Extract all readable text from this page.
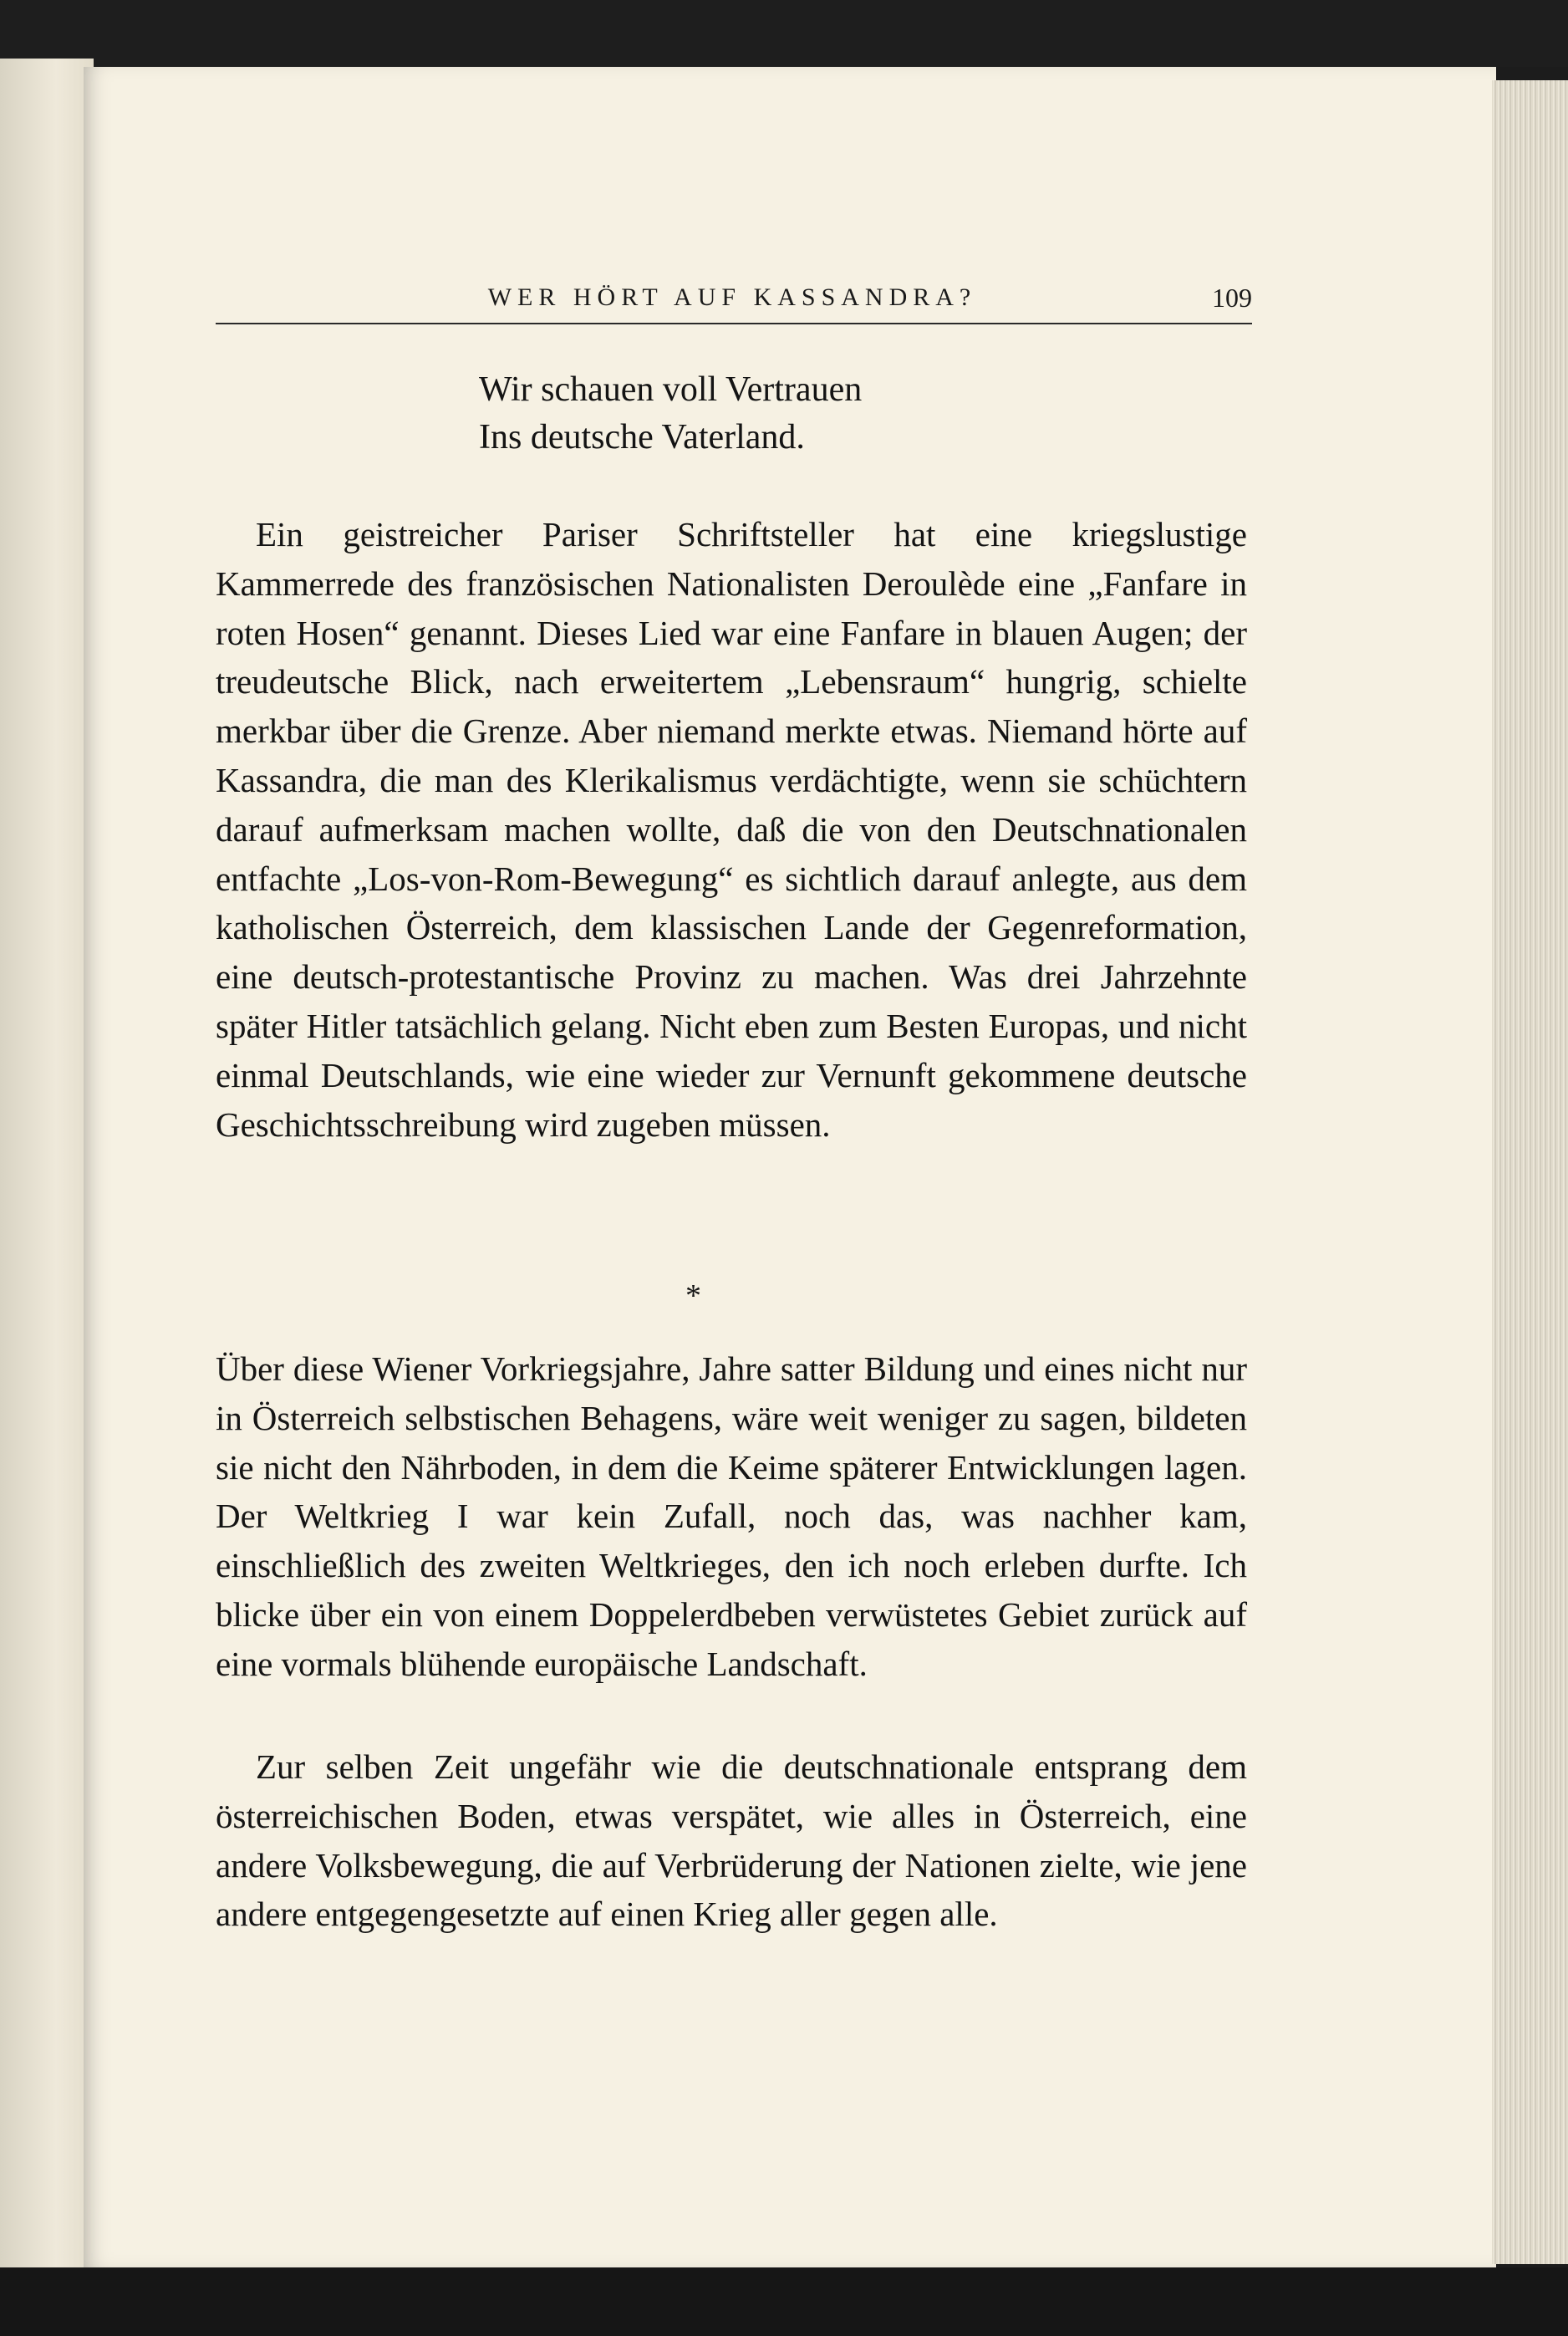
WER HÖRT AUF KASSANDRA?	109
Wir schauen voll Vertrauen
Ins deutsche Vaterland.

Ein geistreicher Pariser Schriftsteller hat eine kriegslustige Kammerrede des französischen Nationalisten Deroulède eine „Fanfare in roten Hosen“ genannt. Dieses Lied war eine Fanfare in blauen Augen; der treudeutsche Blick, nach erweitertem „Lebensraum“ hungrig, schielte merkbar über die Grenze. Aber niemand merkte etwas. Niemand hörte auf Kassandra, die man des Klerikalismus verdächtigte, wenn sie schüchtern darauf aufmerksam machen wollte, daß die von den Deutschnationalen entfachte „Los-von-Rom-Bewegung“ es sichtlich darauf anlegte, aus dem katholischen Österreich, dem klassischen Lande der Gegenreformation, eine deutsch-protestantische Provinz zu machen. Was drei Jahrzehnte später Hitler tatsächlich gelang. Nicht eben zum Besten Europas, und nicht einmal Deutschlands, wie eine wieder zur Vernunft gekommene deutsche Geschichtsschreibung wird zugeben müssen.

*

Über diese Wiener Vorkriegsjahre, Jahre satter Bildung und eines nicht nur in Österreich selbstischen Behagens, wäre weit weniger zu sagen, bildeten sie nicht den Nährboden, in dem die Keime späterer Entwicklungen lagen. Der Weltkrieg I war kein Zufall, noch das, was nachher kam, einschließlich des zweiten Weltkrieges, den ich noch erleben durfte. Ich blicke über ein von einem Doppelerdbeben verwüstetes Gebiet zurück auf eine vormals blühende europäische Landschaft.

Zur selben Zeit ungefähr wie die deutschnationale entsprang dem österreichischen Boden, etwas verspätet, wie alles in Österreich, eine andere Volksbewegung, die auf Verbrüderung der Nationen zielte, wie jene andere entgegengesetzte auf einen Krieg aller gegen alle.
